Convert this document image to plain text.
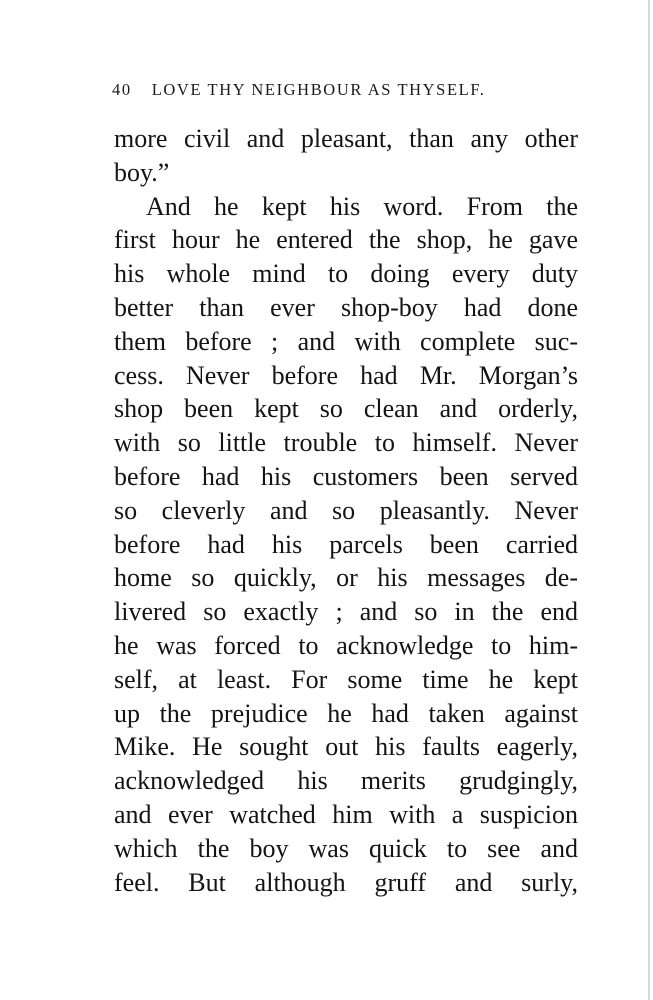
40 LOVE THY NEIGHBOUR AS THYSELF.
more civil and pleasant, than any other
boy.”
And he kept his word. From the
first hour he entered the shop, he gave
his whole mind to doing every duty
better than ever shop-boy had done
them before ; and with complete suc-
cess. Never before had Mr. Morgan’s
shop been kept so clean and orderly,
with so little trouble to himself. Never
before had his customers been served
so cleverly and so pleasantly. Never
before had his parcels been carried
home so quickly, or his messages de-
livered so exactly ; and so in the end
he was forced to acknowledge to him-
self, at least. For some time he kept
up the prejudice he had taken against
Mike. He sought out his faults eagerly,
acknowledged his merits grudgingly,
and ever watched him with a suspicion
which the boy was quick to see and
feel. But although gruff and surly,
